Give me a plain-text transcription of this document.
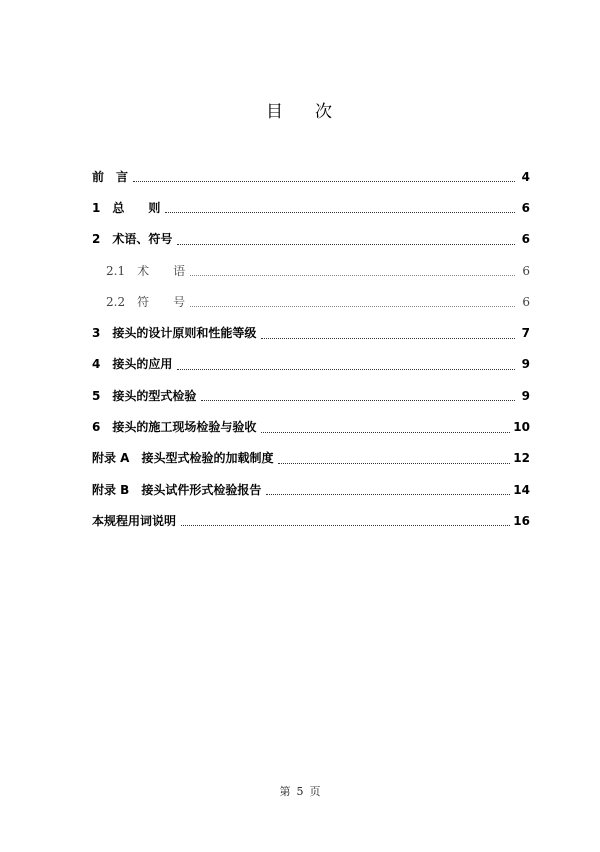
目 次
前　言	4
1 总　　则	6
2 术语、符号	6
2.1 术　　语	6
2.2 符　　号	6
3 接头的设计原则和性能等级	7
4 接头的应用	9
5 接头的型式检验	9
6 接头的施工现场检验与验收	10
附录 A 接头型式检验的加载制度	12
附录 B 接头试件形式检验报告	14
本规程用词说明	16
第 5 页
